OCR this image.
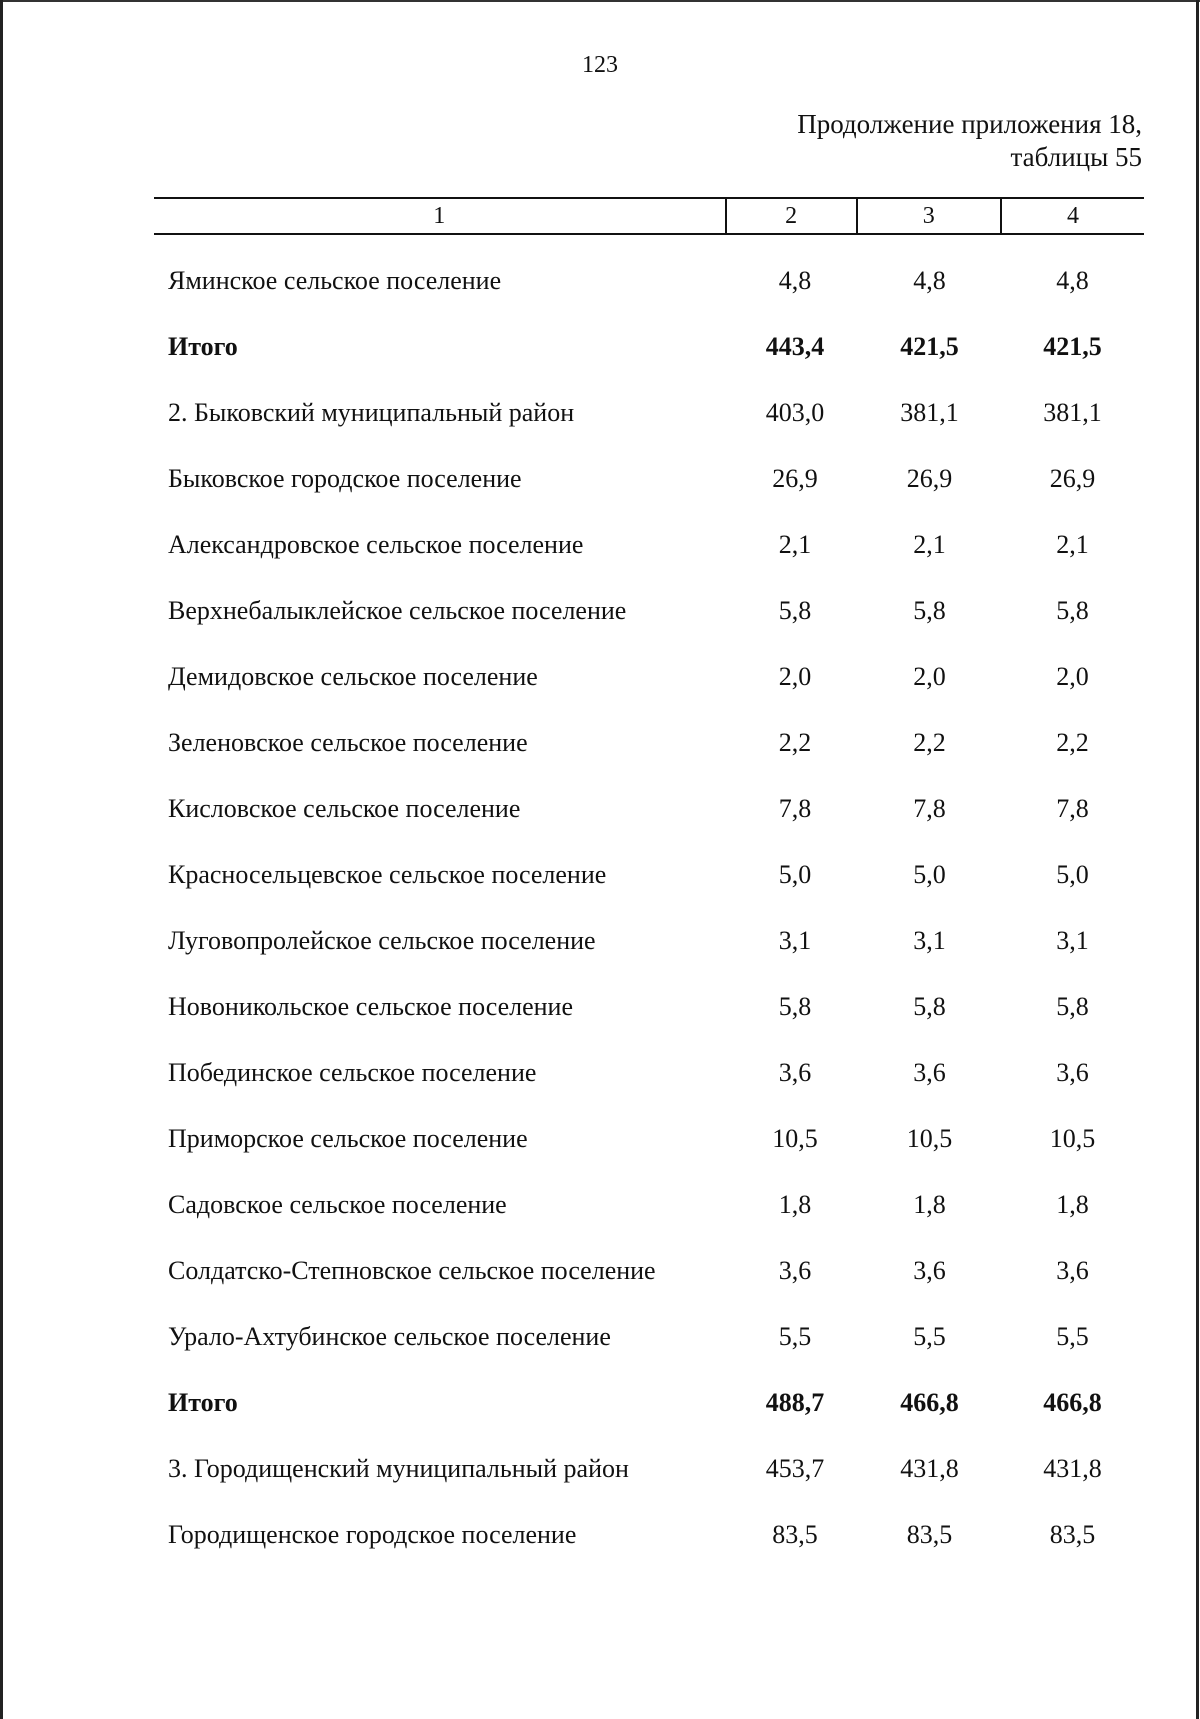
123
Продолжение приложения 18,
таблицы 55
1	2	3	4
Яминское сельское поселение	4,8	4,8	4,8
Итого	443,4	421,5	421,5
2. Быковский муниципальный район	403,0	381,1	381,1
Быковское городское поселение	26,9	26,9	26,9
Александровское сельское поселение	2,1	2,1	2,1
Верхнебалыклейское сельское поселение	5,8	5,8	5,8
Демидовское сельское поселение	2,0	2,0	2,0
Зеленовское сельское поселение	2,2	2,2	2,2
Кисловское сельское поселение	7,8	7,8	7,8
Красносельцевское сельское поселение	5,0	5,0	5,0
Луговопролейское сельское поселение	3,1	3,1	3,1
Новоникольское сельское поселение	5,8	5,8	5,8
Побединское сельское поселение	3,6	3,6	3,6
Приморское сельское поселение	10,5	10,5	10,5
Садовское сельское поселение	1,8	1,8	1,8
Солдатско-Степновское сельское поселение	3,6	3,6	3,6
Урало-Ахтубинское сельское поселение	5,5	5,5	5,5
Итого	488,7	466,8	466,8
3. Городищенский муниципальный район	453,7	431,8	431,8
Городищенское городское поселение	83,5	83,5	83,5
